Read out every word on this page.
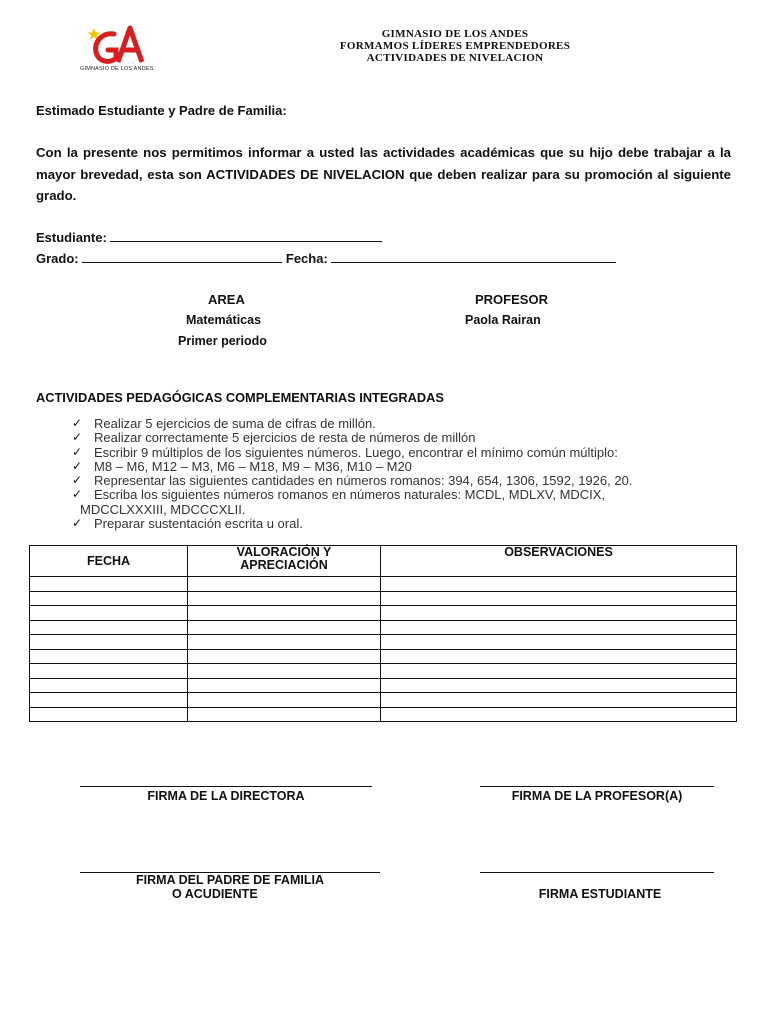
GIMNASIO DE LOS ANDES
GIMNASIO DE LOS ANDES
FORMAMOS LÍDERES EMPRENDEDORES
ACTIVIDADES DE NIVELACION
Estimado Estudiante y Padre de Familia:
Con la presente nos permitimos informar a usted las actividades académicas que su hijo debe trabajar a la mayor brevedad, esta son ACTIVIDADES DE NIVELACION que deben realizar para su promoción al siguiente grado.
Estudiante:
Grado:	Fecha:
AREA	PROFESOR
Matemáticas	Paola Rairan
Primer periodo
ACTIVIDADES PEDAGÓGICAS COMPLEMENTARIAS INTEGRADAS
✓ Realizar 5 ejercicios de suma de cifras de millón.
✓ Realizar correctamente 5 ejercicios de resta de números de millón
✓ Escribir 9 múltiplos de los siguientes números. Luego, encontrar el mínimo común múltiplo:
✓ M8 – M6, M12 – M3, M6 – M18, M9 – M36, M10 – M20
✓ Representar las siguientes cantidades en números romanos: 394, 654, 1306, 1592, 1926, 20.
✓ Escriba los siguientes números romanos en números naturales: MCDL, MDLXV, MDCIX,
MDCCLXXXIII, MDCCCXLII.
✓ Preparar sustentación escrita u oral.
FECHA	VALORACIÓN Y APRECIACIÓN	OBSERVACIONES

FIRMA DE LA DIRECTORA	FIRMA DE LA PROFESOR(A)
FIRMA DEL PADRE DE FAMILIA
O ACUDIENTE	FIRMA ESTUDIANTE
